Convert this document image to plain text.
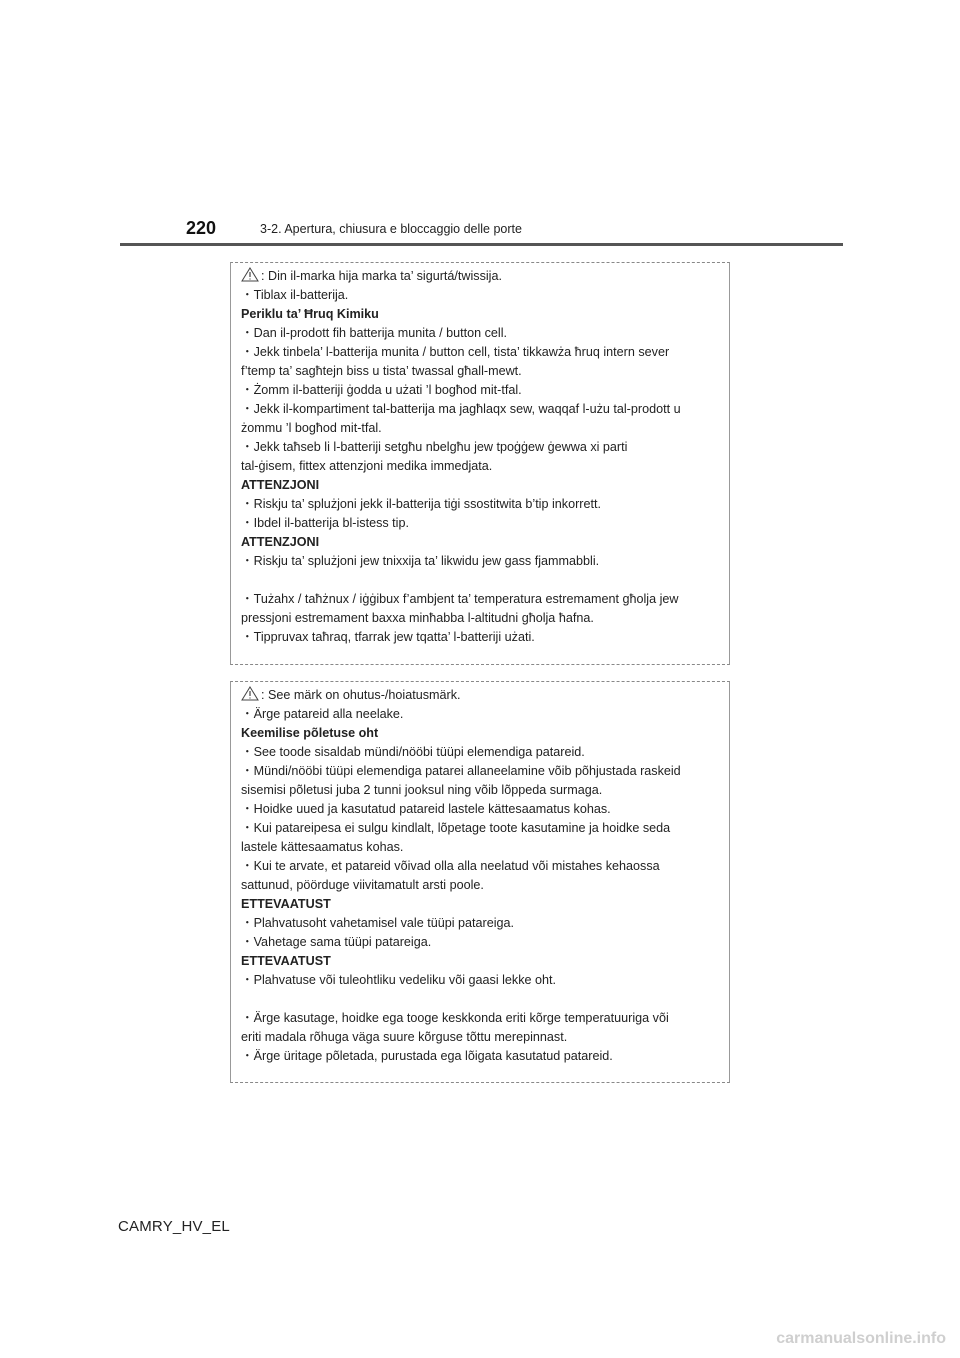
220	3-2. Apertura, chiusura e bloccaggio delle porte
: Din il-marka hija marka ta’ sigurtá/twissija.
・Tiblax il-batterija.
Periklu ta’ Ħruq Kimiku
・Dan il-prodott fih batterija munita / button cell.
・Jekk tinbela’ l-batterija munita / button cell, tista’ tikkawża ħruq intern sever
f’temp ta’ sagħtejn biss u tista’ twassal għall-mewt.
・Żomm il-batteriji ġodda u użati ’l bogħod mit-tfal.
・Jekk il-kompartiment tal-batterija ma jagħlaqx sew, waqqaf l-użu tal-prodott u
żommu ’l bogħod mit-tfal.
・Jekk taħseb li l-batteriji setgħu nbelgħu jew tpoġġew ġewwa xi parti
tal-ġisem, fittex attenzjoni medika immedjata.
ATTENZJONI
・Riskju ta’ splużjoni jekk il-batterija tiġi ssostitwita b’tip inkorrett.
・Ibdel il-batterija bl-istess tip.
ATTENZJONI
・Riskju ta’ splużjoni jew tnixxija ta’ likwidu jew gass fjammabbli.
・Tużahx / taħżnux / iġġibux f’ambjent ta’ temperatura estremament għolja jew
pressjoni estremament baxxa minħabba l-altitudni għolja ħafna.
・Tippruvax taħraq, tfarrak jew tqatta’ l-batteriji użati.
: See märk on ohutus-/hoiatusmärk.
・Ärge patareid alla neelake.
Keemilise põletuse oht
・See toode sisaldab mündi/nööbi tüüpi elemendiga patareid.
・Mündi/nööbi tüüpi elemendiga patarei allaneelamine võib põhjustada raskeid
sisemisi põletusi juba 2 tunni jooksul ning võib lõppeda surmaga.
・Hoidke uued ja kasutatud patareid lastele kättesaamatus kohas.
・Kui patareipesa ei sulgu kindlalt, lõpetage toote kasutamine ja hoidke seda
lastele kättesaamatus kohas.
・Kui te arvate, et patareid võivad olla alla neelatud või mistahes kehaossa
sattunud, pöörduge viivitamatult arsti poole.
ETTEVAATUST
・Plahvatusoht vahetamisel vale tüüpi patareiga.
・Vahetage sama tüüpi patareiga.
ETTEVAATUST
・Plahvatuse või tuleohtliku vedeliku või gaasi lekke oht.
・Ärge kasutage, hoidke ega tooge keskkonda eriti kõrge temperatuuriga või
eriti madala rõhuga väga suure kõrguse tõttu merepinnast.
・Ärge üritage põletada, purustada ega lõigata kasutatud patareid.
CAMRY_HV_EL
carmanualsonline.info
